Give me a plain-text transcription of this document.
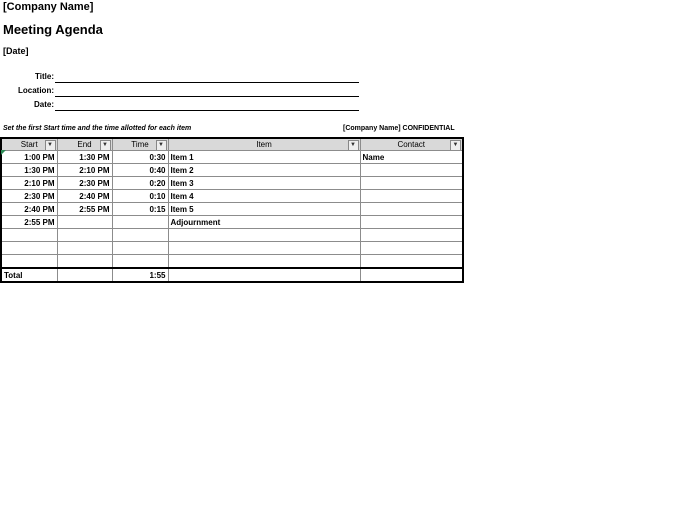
[Company Name]
Meeting Agenda
[Date]
Title:
Location:
Date:
Set the first Start time and the time allotted for each item	[Company Name] CONFIDENTIAL
Start ▼	End ▼	Time ▼	Item ▼	Contact ▼

1:00 PM	1:30 PM	0:30	Item 1	Name
1:30 PM	2:10 PM	0:40	Item 2	
2:10 PM	2:30 PM	0:20	Item 3	
2:30 PM	2:40 PM	0:10	Item 4	
2:40 PM	2:55 PM	0:15	Item 5	
2:55 PM			Adjournment	

Total		1:55		
